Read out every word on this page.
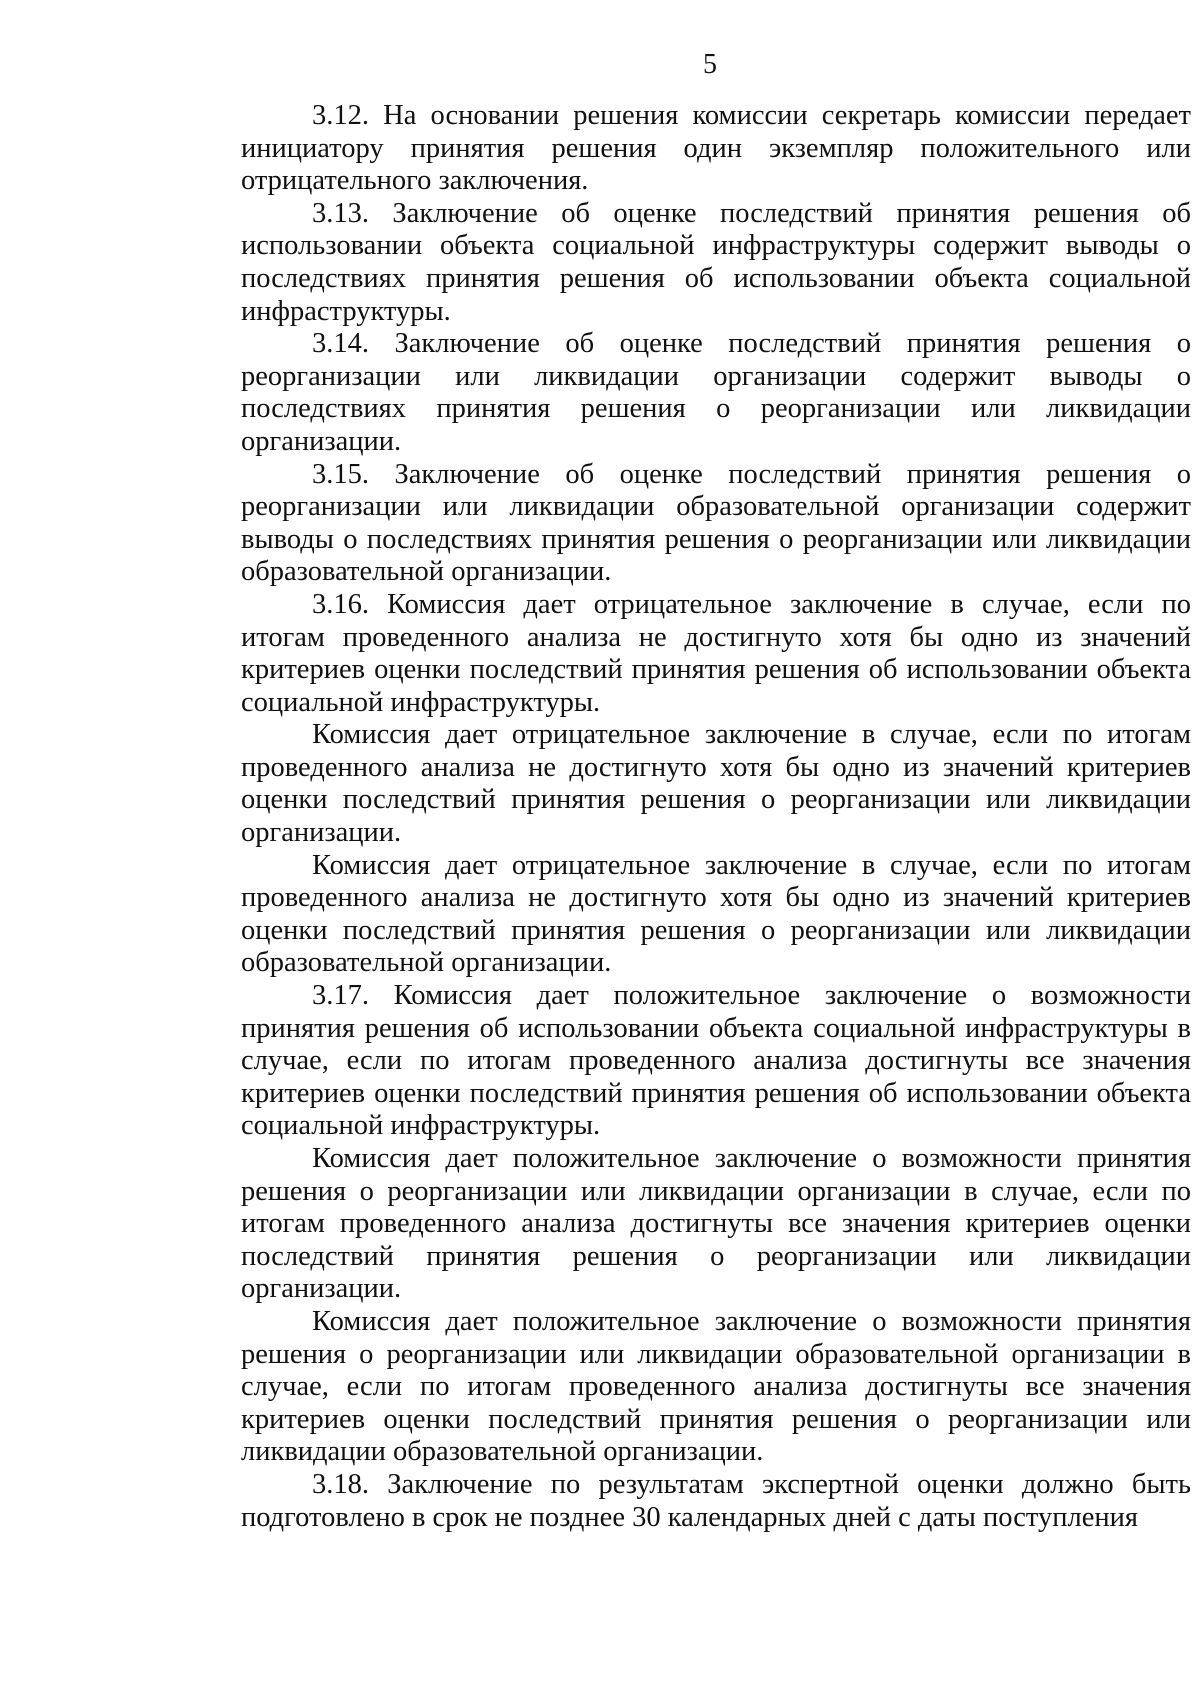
5

3.12. На основании решения комиссии секретарь комиссии передает инициатору принятия решения один экземпляр положительного или отрицательного заключения.

3.13. Заключение об оценке последствий принятия решения об использовании объекта социальной инфраструктуры содержит выводы о последствиях принятия решения об использовании объекта социальной инфраструктуры.

3.14. Заключение об оценке последствий принятия решения о реорганизации или ликвидации организации содержит выводы о последствиях принятия решения о реорганизации или ликвидации организации.

3.15. Заключение об оценке последствий принятия решения о реорганизации или ликвидации образовательной организации содержит выводы о последствиях принятия решения о реорганизации или ликвидации образовательной организации.

3.16. Комиссия дает отрицательное заключение в случае, если по итогам проведенного анализа не достигнуто хотя бы одно из значений критериев оценки последствий принятия решения об использовании объекта социальной инфраструктуры.

Комиссия дает отрицательное заключение в случае, если по итогам проведенного анализа не достигнуто хотя бы одно из значений критериев оценки последствий принятия решения о реорганизации или ликвидации организации.

Комиссия дает отрицательное заключение в случае, если по итогам проведенного анализа не достигнуто хотя бы одно из значений критериев оценки последствий принятия решения о реорганизации или ликвидации образовательной организации.

3.17. Комиссия дает положительное заключение о возможности принятия решения об использовании объекта социальной инфраструктуры в случае, если по итогам проведенного анализа достигнуты все значения критериев оценки последствий принятия решения об использовании объекта социальной инфраструктуры.

Комиссия дает положительное заключение о возможности принятия решения о реорганизации или ликвидации организации в случае, если по итогам проведенного анализа достигнуты все значения критериев оценки последствий принятия решения о реорганизации или ликвидации организации.

Комиссия дает положительное заключение о возможности принятия решения о реорганизации или ликвидации образовательной организации в случае, если по итогам проведенного анализа достигнуты все значения критериев оценки последствий принятия решения о реорганизации или ликвидации образовательной организации.

3.18. Заключение по результатам экспертной оценки должно быть подготовлено в срок не позднее 30 календарных дней с даты поступления
